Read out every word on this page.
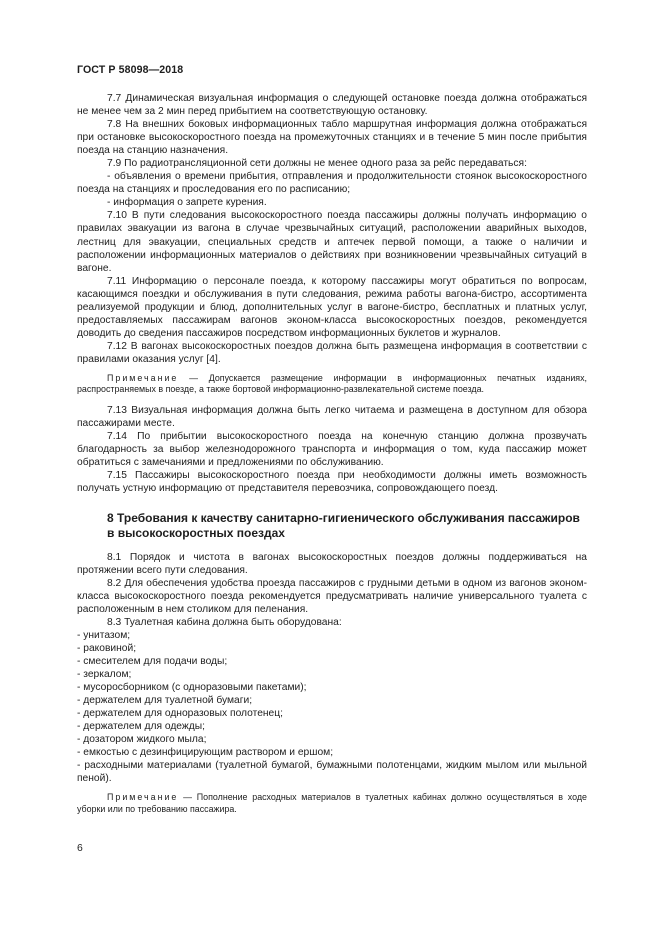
ГОСТ Р 58098—2018

7.7 Динамическая визуальная информация о следующей остановке поезда должна отображаться не менее чем за 2 мин перед прибытием на соответствующую остановку.

7.8 На внешних боковых информационных табло маршрутная информация должна отображаться при остановке высокоскоростного поезда на промежуточных станциях и в течение 5 мин после прибытия поезда на станцию назначения.

7.9 По радиотрансляционной сети должны не менее одного раза за рейс передаваться:

- объявления о времени прибытия, отправления и продолжительности стоянок высокоскоростного поезда на станциях и проследования его по расписанию;

- информация о запрете курения.

7.10 В пути следования высокоскоростного поезда пассажиры должны получать информацию о правилах эвакуации из вагона в случае чрезвычайных ситуаций, расположении аварийных выходов, лестниц для эвакуации, специальных средств и аптечек первой помощи, а также о наличии и расположении информационных материалов о действиях при возникновении чрезвычайных ситуаций в вагоне.

7.11 Информацию о персонале поезда, к которому пассажиры могут обратиться по вопросам, касающимся поездки и обслуживания в пути следования, режима работы вагона-бистро, ассортимента реализуемой продукции и блюд, дополнительных услуг в вагоне-бистро, бесплатных и платных услуг, предоставляемых пассажирам вагонов эконом-класса высокоскоростных поездов, рекомендуется доводить до сведения пассажиров посредством информационных буклетов и журналов.

7.12 В вагонах высокоскоростных поездов должна быть размещена информация в соответствии с правилами оказания услуг [4].

Примечание — Допускается размещение информации в информационных печатных изданиях, распространяемых в поезде, а также бортовой информационно-развлекательной системе поезда.

7.13 Визуальная информация должна быть легко читаема и размещена в доступном для обзора пассажирами месте.

7.14 По прибытии высокоскоростного поезда на конечную станцию должна прозвучать благодарность за выбор железнодорожного транспорта и информация о том, куда пассажир может обратиться с замечаниями и предложениями по обслуживанию.

7.15 Пассажиры высокоскоростного поезда при необходимости должны иметь возможность получать устную информацию от представителя перевозчика, сопровождающего поезд.

8 Требования к качеству санитарно-гигиенического обслуживания пассажиров в высокоскоростных поездах

8.1 Порядок и чистота в вагонах высокоскоростных поездов должны поддерживаться на протяжении всего пути следования.

8.2 Для обеспечения удобства проезда пассажиров с грудными детьми в одном из вагонов эконом-класса высокоскоростного поезда рекомендуется предусматривать наличие универсального туалета с расположенным в нем столиком для пеленания.

8.3 Туалетная кабина должна быть оборудована:

- унитазом;

- раковиной;

- смесителем для подачи воды;

- зеркалом;

- мусоросборником (с одноразовыми пакетами);

- держателем для туалетной бумаги;

- держателем для одноразовых полотенец;

- держателем для одежды;

- дозатором жидкого мыла;

- емкостью с дезинфицирующим раствором и ершом;

- расходными материалами (туалетной бумагой, бумажными полотенцами, жидким мылом или мыльной пеной).

Примечание — Пополнение расходных материалов в туалетных кабинах должно осуществляться в ходе уборки или по требованию пассажира.

6
